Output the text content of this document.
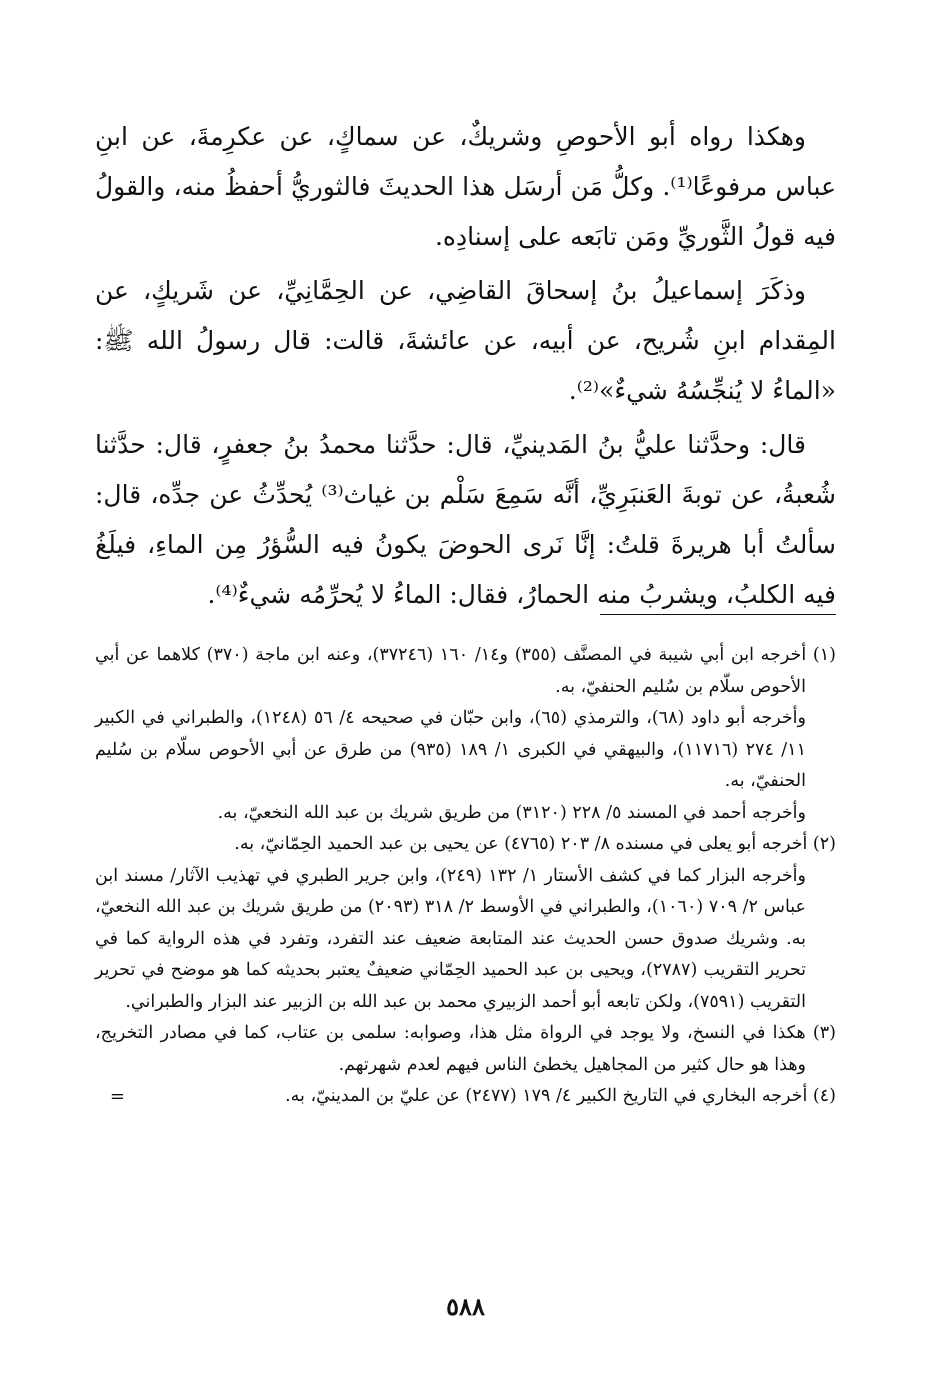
وهكذا رواه أبو الأحوصِ وشريكٌ، عن سماكٍ، عن عكرِمةَ، عن ابنِ عباس مرفوعًا⁽¹⁾. وكلُّ مَن أرسَل هذا الحديثَ فالثوريُّ أحفظُ منه، والقولُ فيه قولُ الثَّوريِّ ومَن تابَعه على إسنادِه.

وذكَرَ إسماعيلُ بنُ إسحاقَ القاضِي، عن الحِمَّانِيِّ، عن شَريكٍ، عن المِقدام ابنِ شُريح، عن أبيه، عن عائشةَ، قالت: قال رسولُ الله ﷺ: «الماءُ لا يُنجِّسُهُ شيءٌ»⁽²⁾.

قال: وحدَّثنا عليُّ بنُ المَدينيِّ، قال: حدَّثنا محمدُ بنُ جعفرٍ، قال: حدَّثنا شُعبةُ، عن توبةَ العَنبَرِيِّ، أنَّه سَمِعَ سَلْم بن غياث⁽³⁾ يُحدِّثُ عن جدِّه، قال: سألتُ أبا هريرةَ قلتُ: إنَّا نَرى الحوضَ يكونُ فيه السُّؤرُ مِن الماءِ، فيلَغُ فيه الكلبُ، ويشربُ منه الحمارُ، فقال: الماءُ لا يُحرِّمُه شيءٌ⁽⁴⁾.

(١) أخرجه ابن أبي شيبة في المصنَّف (٣٥٥) و١٤/ ١٦٠ (٣٧٢٤٦)، وعنه ابن ماجة (٣٧٠) كلاهما عن أبي الأحوص سلّام بن سُليم الحنفيّ، به.

وأخرجه أبو داود (٦٨)، والترمذي (٦٥)، وابن حبّان في صحيحه ٤/ ٥٦ (١٢٤٨)، والطبراني في الكبير ١١/ ٢٧٤ (١١٧١٦)، والبيهقي في الكبرى ١/ ١٨٩ (٩٣٥) من طرق عن أبي الأحوص سلّام بن سُليم الحنفيّ، به.

وأخرجه أحمد في المسند ٥/ ٢٢٨ (٣١٢٠) من طريق شريك بن عبد الله النخعيّ، به.

(٢) أخرجه أبو يعلى في مسنده ٨/ ٢٠٣ (٤٧٦٥) عن يحيى بن عبد الحميد الحِمّانيّ، به.

وأخرجه البزار كما في كشف الأستار ١/ ١٣٢ (٢٤٩)، وابن جرير الطبري في تهذيب الآثار/ مسند ابن عباس ٢/ ٧٠٩ (١٠٦٠)، والطبراني في الأوسط ٢/ ٣١٨ (٢٠٩٣) من طريق شريك بن عبد الله النخعيّ، به. وشريك صدوق حسن الحديث عند المتابعة ضعيف عند التفرد، وتفرد في هذه الرواية كما في تحرير التقريب (٢٧٨٧)، ويحيى بن عبد الحميد الحِمّاني ضعيفٌ يعتبر بحديثه كما هو موضح في تحرير التقريب (٧٥٩١)، ولكن تابعه أبو أحمد الزبيري محمد بن عبد الله بن الزبير عند البزار والطبراني.

(٣) هكذا في النسخ، ولا يوجد في الرواة مثل هذا، وصوابه: سلمى بن عتاب، كما في مصادر التخريج، وهذا هو حال كثير من المجاهيل يخطئ الناس فيهم لعدم شهرتهم.

(٤) أخرجه البخاري في التاريخ الكبير ٤/ ١٧٩ (٢٤٧٧) عن عليّ بن المدينيّ، به.
=

٥٨٨
